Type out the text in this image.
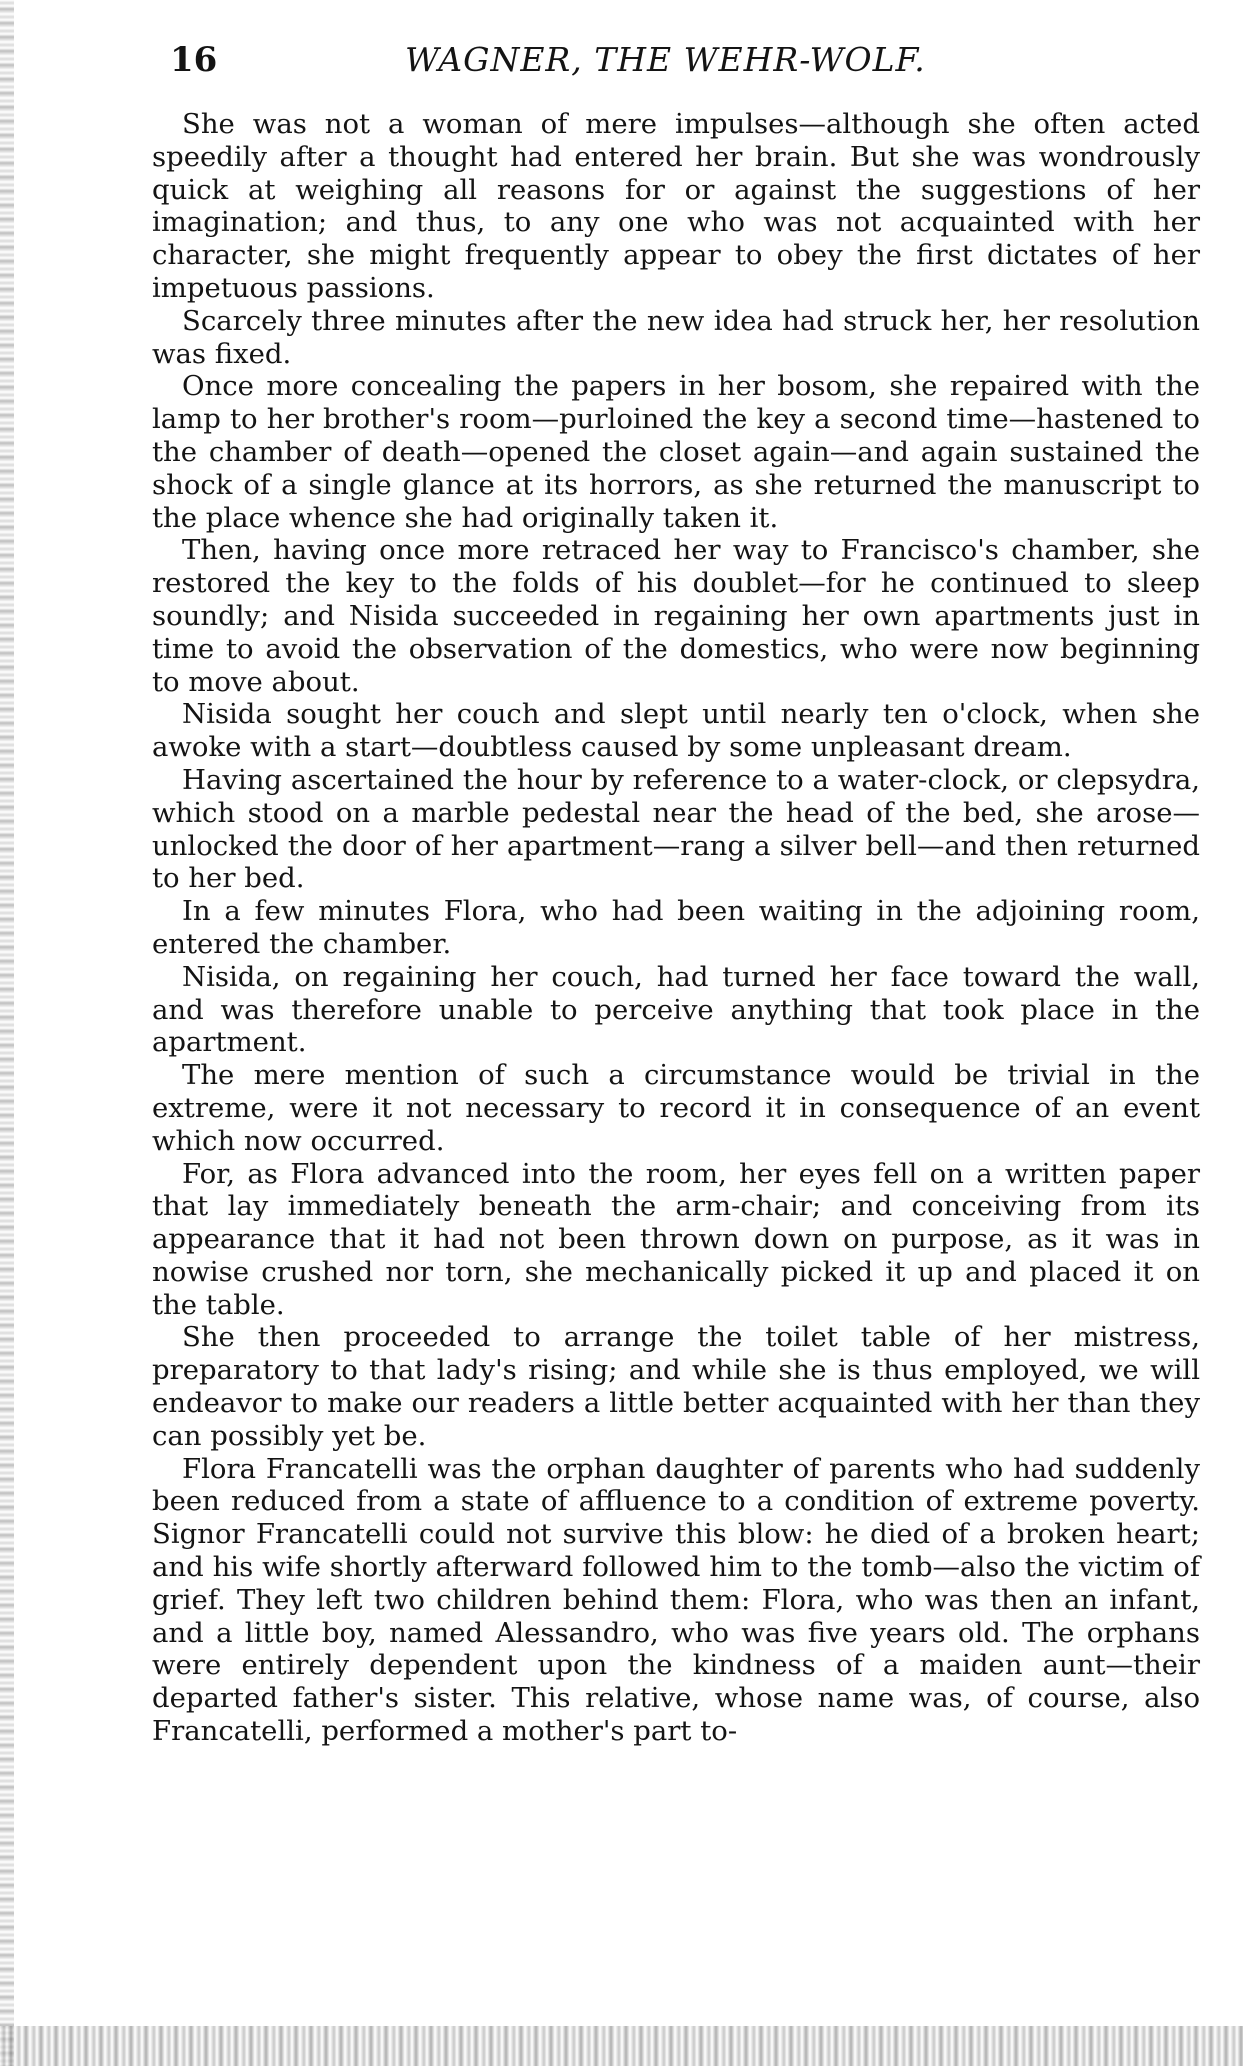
16	WAGNER, THE WEHR-WOLF.

She was not a woman of mere impulses—although she often acted speedily after a thought had entered her brain. But she was wondrously quick at weighing all reasons for or against the suggestions of her imagination; and thus, to any one who was not acquainted with her character, she might frequently appear to obey the first dictates of her impetuous passions.

Scarcely three minutes after the new idea had struck her, her resolution was fixed.

Once more concealing the papers in her bosom, she repaired with the lamp to her brother's room—purloined the key a second time—hastened to the chamber of death—opened the closet again—and again sustained the shock of a single glance at its horrors, as she returned the manuscript to the place whence she had originally taken it.

Then, having once more retraced her way to Francisco's chamber, she restored the key to the folds of his doublet—for he continued to sleep soundly; and Nisida succeeded in regaining her own apartments just in time to avoid the observation of the domestics, who were now beginning to move about.

Nisida sought her couch and slept until nearly ten o'clock, when she awoke with a start—doubtless caused by some unpleasant dream.

Having ascertained the hour by reference to a water-clock, or clepsydra, which stood on a marble pedestal near the head of the bed, she arose—unlocked the door of her apartment—rang a silver bell—and then returned to her bed.

In a few minutes Flora, who had been waiting in the adjoining room, entered the chamber.

Nisida, on regaining her couch, had turned her face toward the wall, and was therefore unable to perceive anything that took place in the apartment.

The mere mention of such a circumstance would be trivial in the extreme, were it not necessary to record it in consequence of an event which now occurred.

For, as Flora advanced into the room, her eyes fell on a written paper that lay immediately beneath the arm-chair; and conceiving from its appearance that it had not been thrown down on purpose, as it was in nowise crushed nor torn, she mechanically picked it up and placed it on the table.

She then proceeded to arrange the toilet table of her mistress, preparatory to that lady's rising; and while she is thus employed, we will endeavor to make our readers a little better acquainted with her than they can possibly yet be.

Flora Francatelli was the orphan daughter of parents who had suddenly been reduced from a state of affluence to a condition of extreme poverty. Signor Francatelli could not survive this blow: he died of a broken heart; and his wife shortly afterward followed him to the tomb—also the victim of grief. They left two children behind them: Flora, who was then an infant, and a little boy, named Alessandro, who was five years old. The orphans were entirely dependent upon the kindness of a maiden aunt—their departed father's sister. This relative, whose name was, of course, also Francatelli, performed a mother's part to-
